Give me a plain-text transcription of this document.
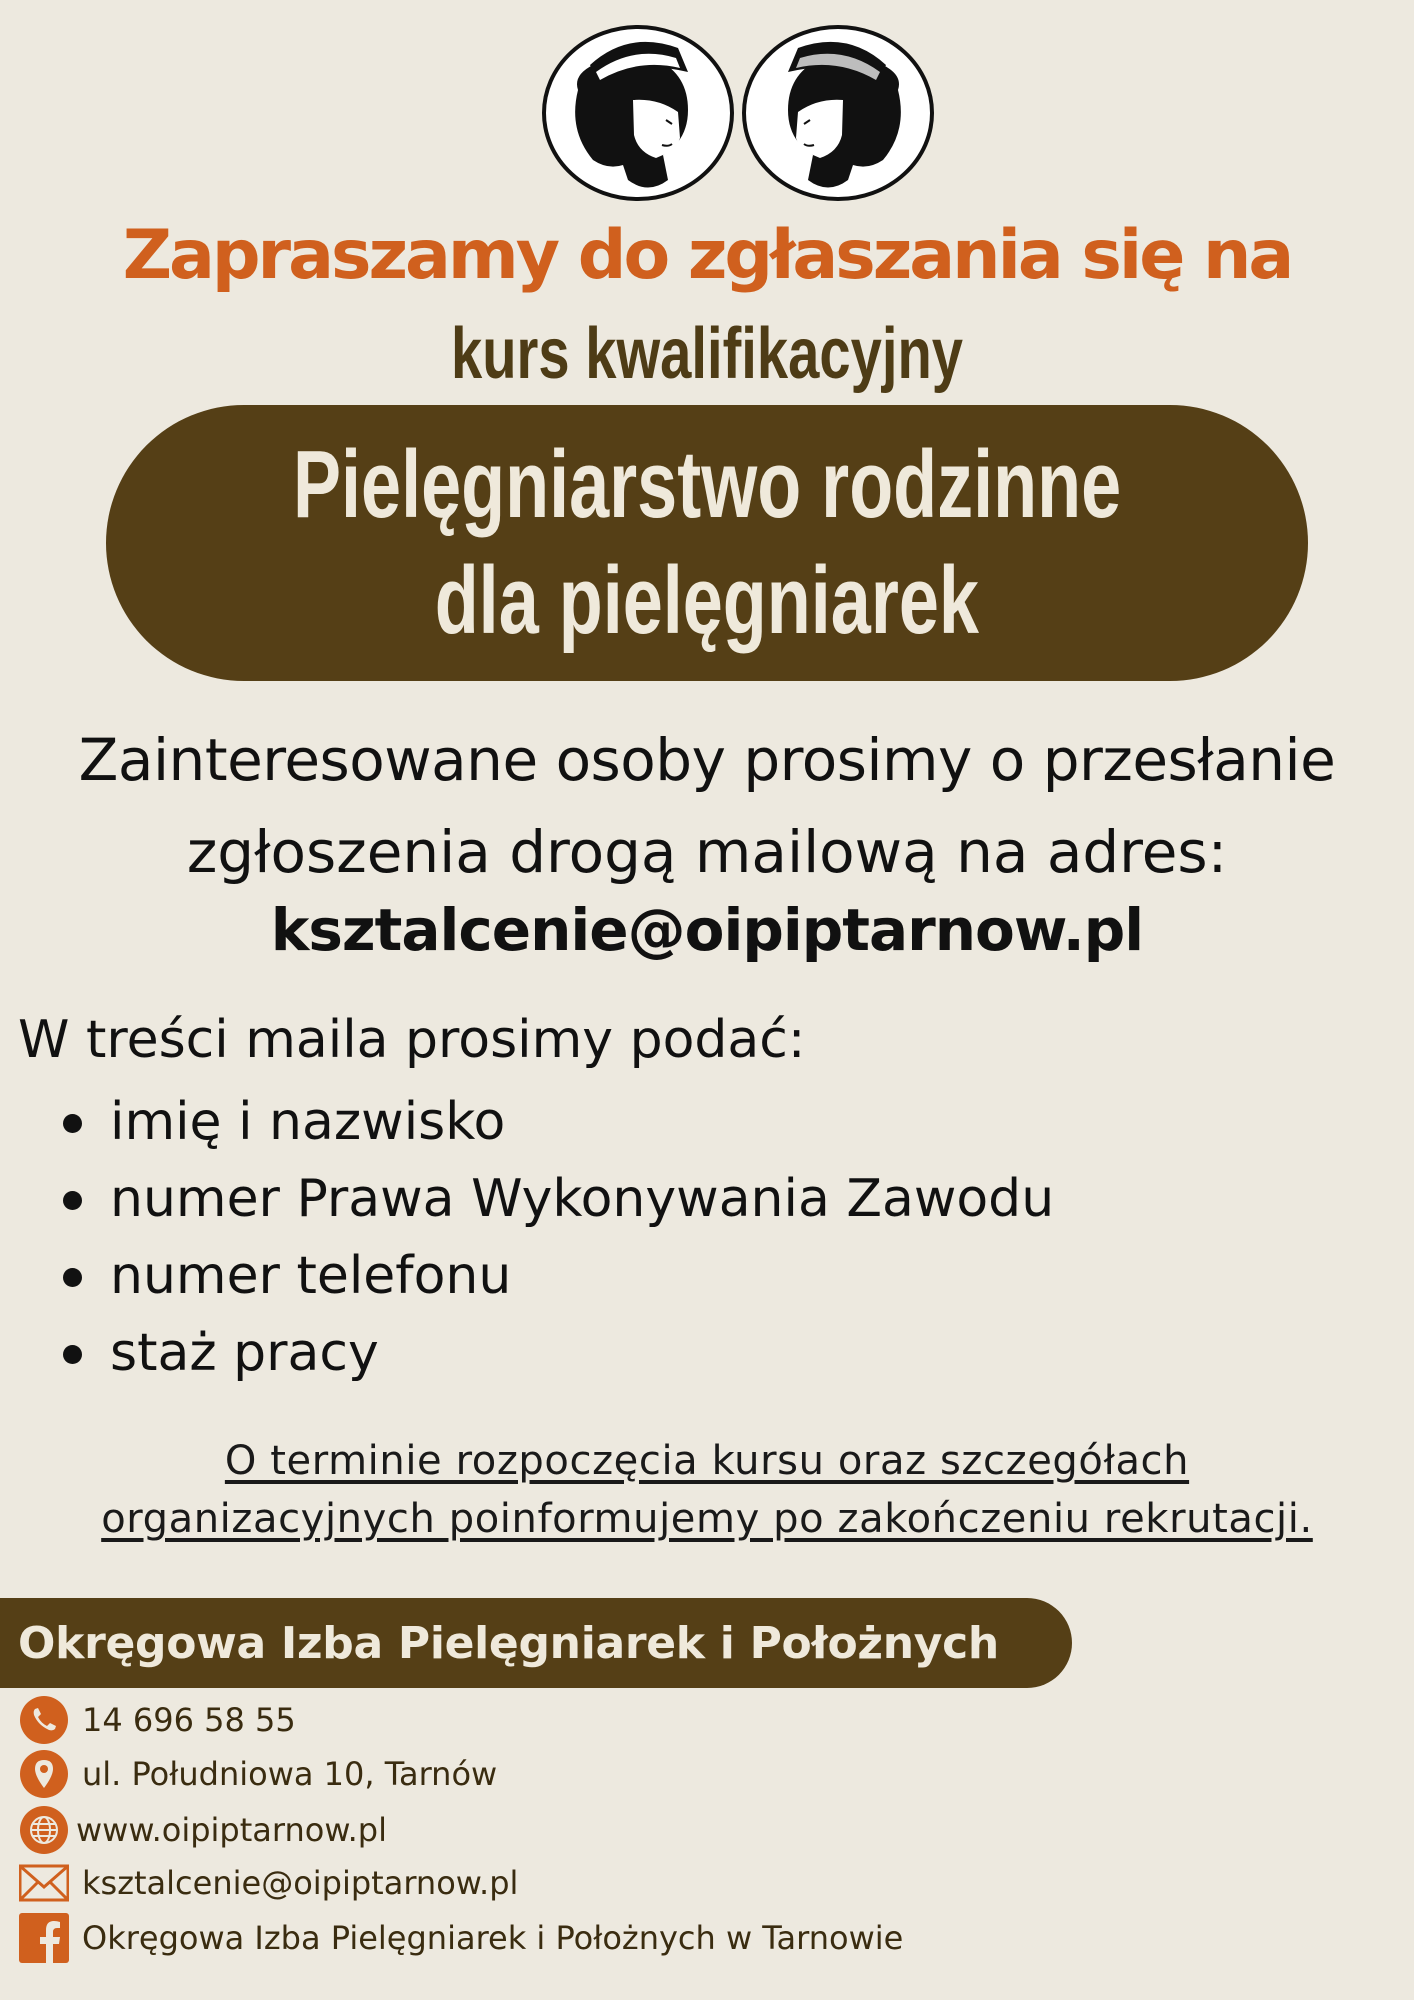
Zapraszamy do zgłaszania się na
kurs kwalifikacyjny
Pielęgniarstwo rodzinne
dla pielęgniarek
Zainteresowane osoby prosimy o przesłanie
zgłoszenia drogą mailową na adres:
ksztalcenie@oipiptarnow.pl
W treści maila prosimy podać:
imię i nazwisko
numer Prawa Wykonywania Zawodu
numer telefonu
staż pracy
O terminie rozpoczęcia kursu oraz szczegółach
organizacyjnych poinformujemy po zakończeniu rekrutacji.
Okręgowa Izba Pielęgniarek i Położnych
14 696 58 55
ul. Południowa 10, Tarnów
www.oipiptarnow.pl
ksztalcenie@oipiptarnow.pl
Okręgowa Izba Pielęgniarek i Położnych w Tarnowie
